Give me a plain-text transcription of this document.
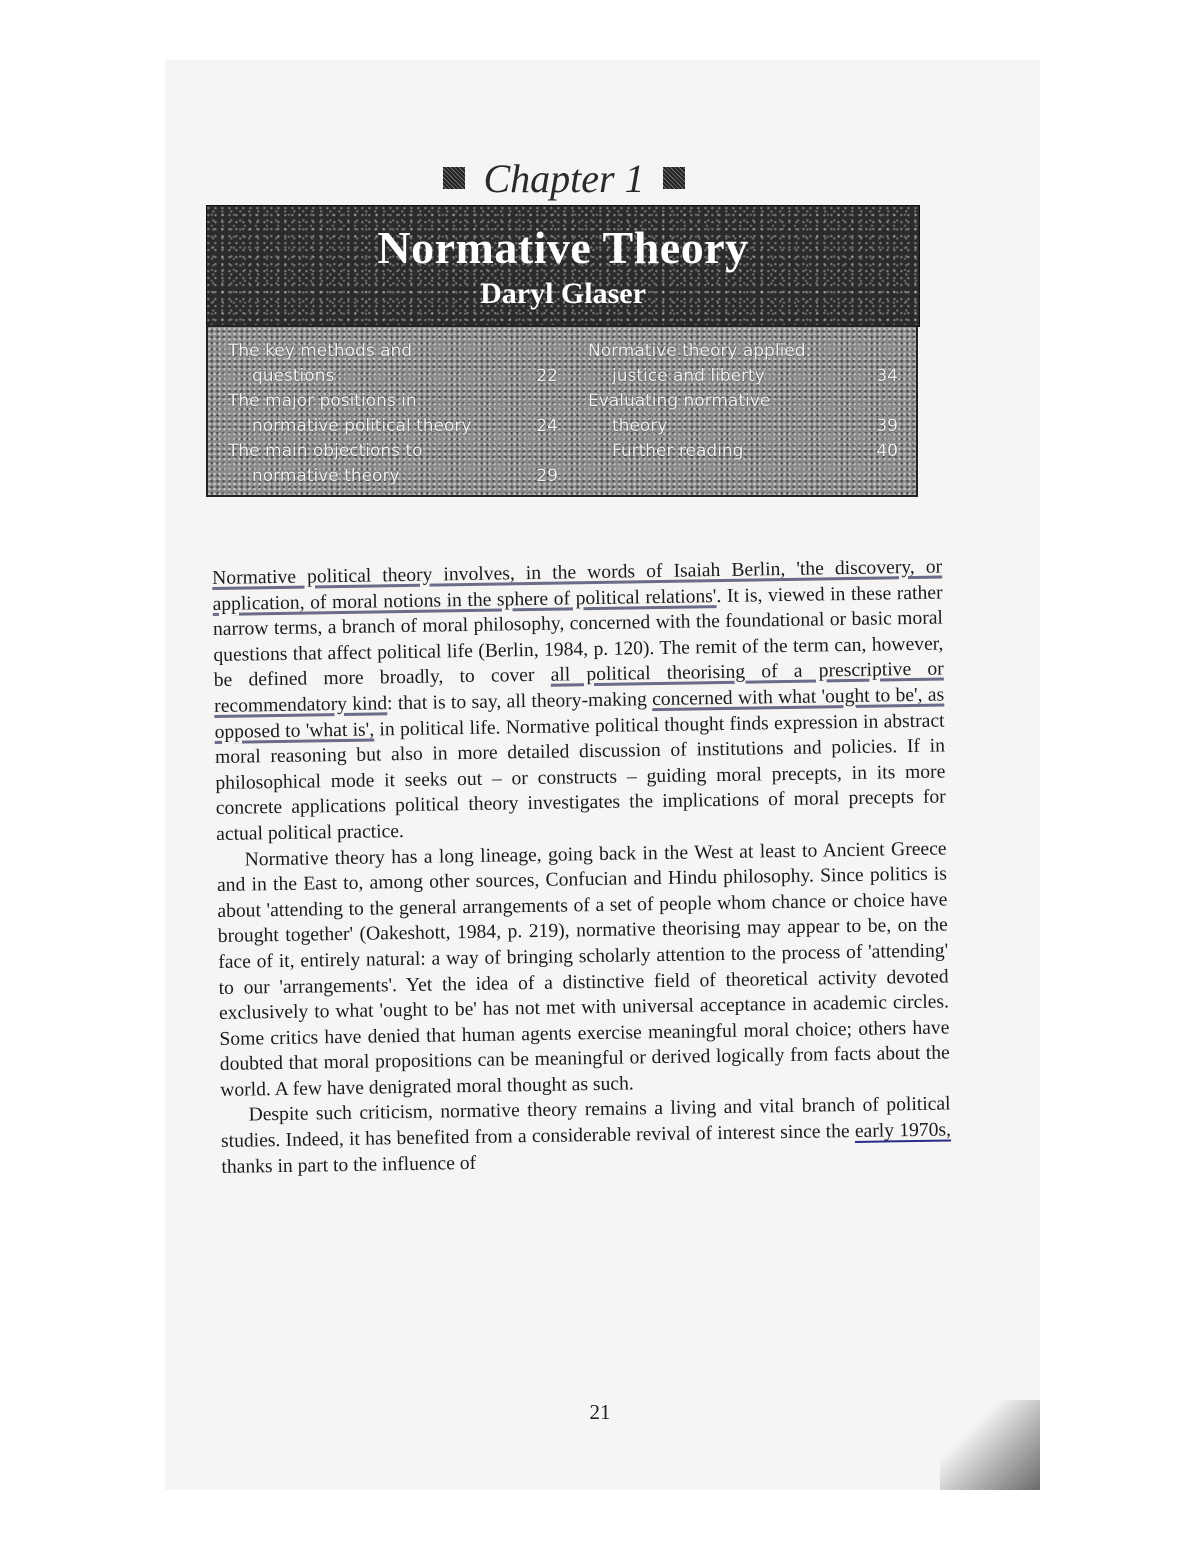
Chapter 1
Normative Theory
Daryl Glaser
The key methods and
questions	22
The major positions in
normative political theory	24
The main objections to
normative theory	29
Normative theory applied:
justice and liberty	34
Evaluating normative
theory	39
Further reading	40

Normative political theory involves, in the words of Isaiah Berlin, 'the discovery, or application, of moral notions in the sphere of political relations'. It is, viewed in these rather narrow terms, a branch of moral philosophy, concerned with the foundational or basic moral questions that affect political life (Berlin, 1984, p. 120). The remit of the term can, however, be defined more broadly, to cover all political theorising of a prescriptive or recommendatory kind: that is to say, all theory-making concerned with what 'ought to be', as opposed to 'what is', in political life. Normative political thought finds expression in abstract moral reasoning but also in more detailed discussion of institutions and policies. If in philosophical mode it seeks out – or constructs – guiding moral precepts, in its more concrete applications political theory investigates the implications of moral precepts for actual political practice.

Normative theory has a long lineage, going back in the West at least to Ancient Greece and in the East to, among other sources, Confucian and Hindu philosophy. Since politics is about 'attending to the general arrangements of a set of people whom chance or choice have brought together' (Oakeshott, 1984, p. 219), normative theorising may appear to be, on the face of it, entirely natural: a way of bringing scholarly attention to the process of 'attending' to our 'arrangements'. Yet the idea of a distinctive field of theoretical activity devoted exclusively to what 'ought to be' has not met with universal acceptance in academic circles. Some critics have denied that human agents exercise meaningful moral choice; others have doubted that moral propositions can be meaningful or derived logically from facts about the world. A few have denigrated moral thought as such.

Despite such criticism, normative theory remains a living and vital branch of political studies. Indeed, it has benefited from a considerable revival of interest since the early 1970s, thanks in part to the influence of

21
